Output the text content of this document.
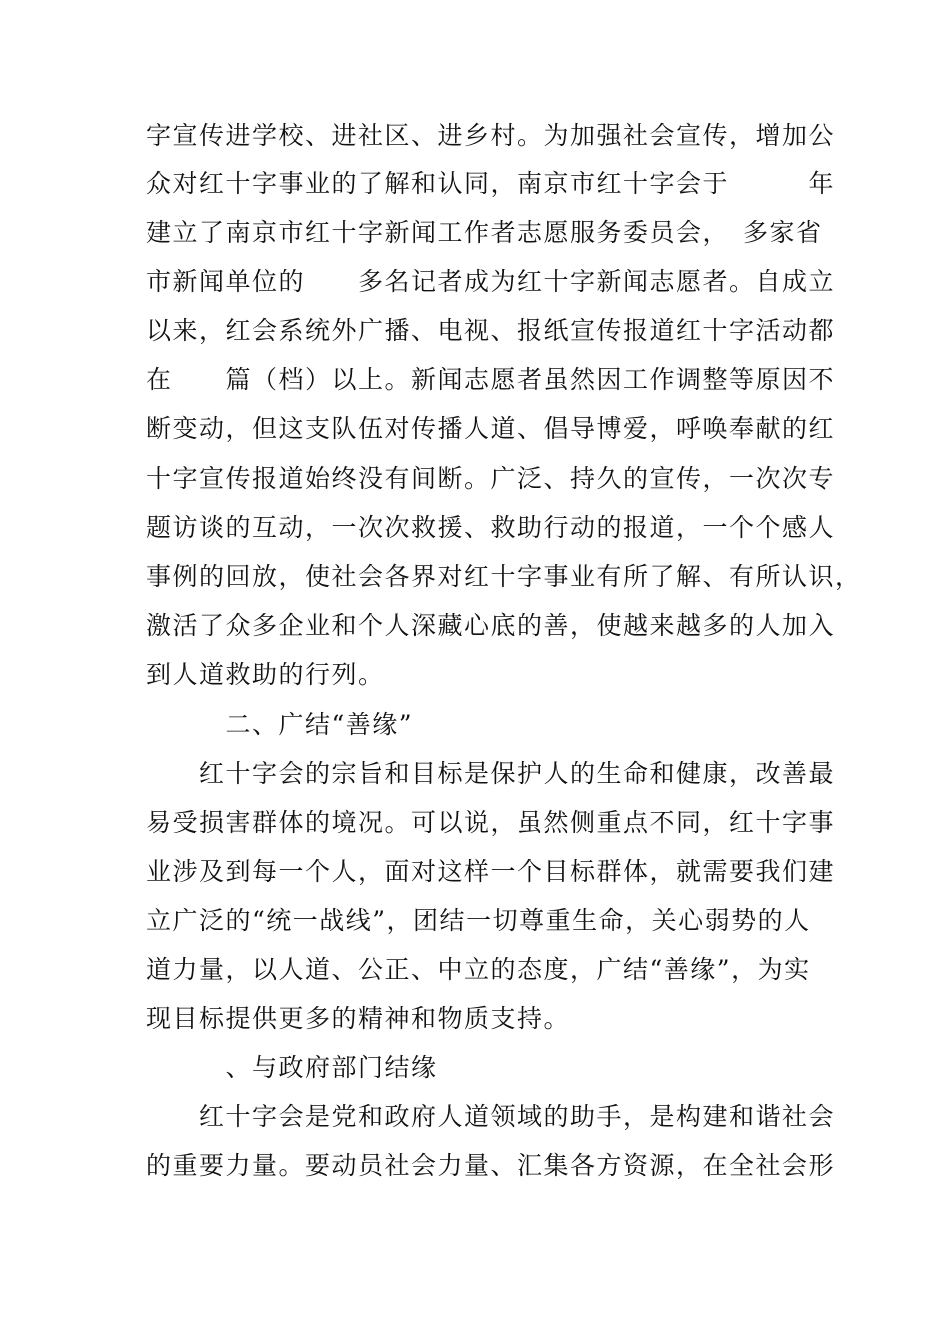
字宣传进学校、进社区、进乡村。为加强社会宣传，增加公
众对红十字事业的了解和认同，南京市红十字会于　　　年
建立了南京市红十字新闻工作者志愿服务委员会，　多家省
市新闻单位的　　多名记者成为红十字新闻志愿者。自成立
以来，红会系统外广播、电视、报纸宣传报道红十字活动都
在　　篇（档）以上。新闻志愿者虽然因工作调整等原因不
断变动，但这支队伍对传播人道、倡导博爱，呼唤奉献的红
十字宣传报道始终没有间断。广泛、持久的宣传，一次次专
题访谈的互动，一次次救援、救助行动的报道，一个个感人
事例的回放，使社会各界对红十字事业有所了解、有所认识，
激活了众多企业和个人深藏心底的善，使越来越多的人加入
到人道救助的行列。
　　　二、广结“善缘”
　　红十字会的宗旨和目标是保护人的生命和健康，改善最
易受损害群体的境况。可以说，虽然侧重点不同，红十字事
业涉及到每一个人，面对这样一个目标群体，就需要我们建
立广泛的“统一战线”，团结一切尊重生命，关心弱势的人
道力量，以人道、公正、中立的态度，广结“善缘”，为实
现目标提供更多的精神和物质支持。
　　　、与政府部门结缘
　　红十字会是党和政府人道领域的助手，是构建和谐社会
的重要力量。要动员社会力量、汇集各方资源，在全社会形
